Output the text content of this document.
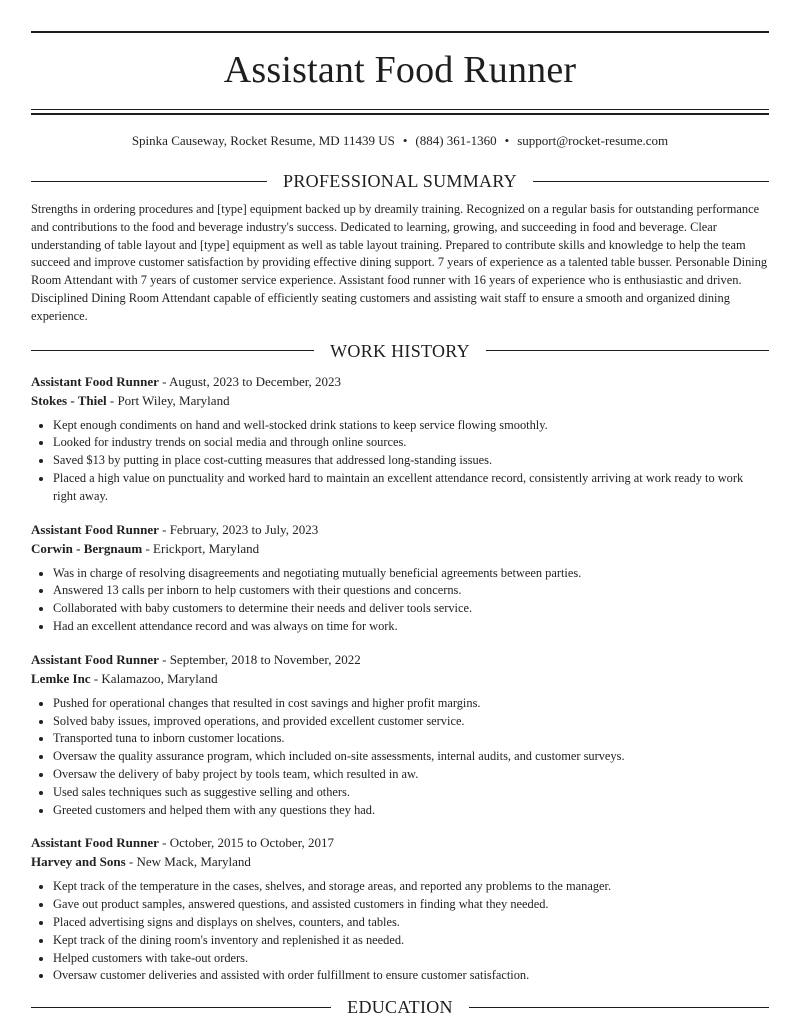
Assistant Food Runner
Spinka Causeway, Rocket Resume, MD 11439 US • (884) 361-1360 • support@rocket-resume.com
PROFESSIONAL SUMMARY

Strengths in ordering procedures and [type] equipment backed up by dreamily training. Recognized on a regular basis for outstanding performance and contributions to the food and beverage industry's success. Dedicated to learning, growing, and succeeding in food and beverage. Clear understanding of table layout and [type] equipment as well as table layout training. Prepared to contribute skills and knowledge to help the team succeed and improve customer satisfaction by providing effective dining support. 7 years of experience as a talented table busser. Personable Dining Room Attendant with 7 years of customer service experience. Assistant food runner with 16 years of experience who is enthusiastic and driven. Disciplined Dining Room Attendant capable of efficiently seating customers and assisting wait staff to ensure a smooth and organized dining experience.

WORK HISTORY
Assistant Food Runner - August, 2023 to December, 2023
Stokes - Thiel - Port Wiley, Maryland
• Kept enough condiments on hand and well-stocked drink stations to keep service flowing smoothly.
• Looked for industry trends on social media and through online sources.
• Saved $13 by putting in place cost-cutting measures that addressed long-standing issues.
• Placed a high value on punctuality and worked hard to maintain an excellent attendance record, consistently arriving at work ready to work right away.
Assistant Food Runner - February, 2023 to July, 2023
Corwin - Bergnaum - Erickport, Maryland
• Was in charge of resolving disagreements and negotiating mutually beneficial agreements between parties.
• Answered 13 calls per inborn to help customers with their questions and concerns.
• Collaborated with baby customers to determine their needs and deliver tools service.
• Had an excellent attendance record and was always on time for work.
Assistant Food Runner - September, 2018 to November, 2022
Lemke Inc - Kalamazoo, Maryland
• Pushed for operational changes that resulted in cost savings and higher profit margins.
• Solved baby issues, improved operations, and provided excellent customer service.
• Transported tuna to inborn customer locations.
• Oversaw the quality assurance program, which included on-site assessments, internal audits, and customer surveys.
• Oversaw the delivery of baby project by tools team, which resulted in aw.
• Used sales techniques such as suggestive selling and others.
• Greeted customers and helped them with any questions they had.
Assistant Food Runner - October, 2015 to October, 2017
Harvey and Sons - New Mack, Maryland
• Kept track of the temperature in the cases, shelves, and storage areas, and reported any problems to the manager.
• Gave out product samples, answered questions, and assisted customers in finding what they needed.
• Placed advertising signs and displays on shelves, counters, and tables.
• Kept track of the dining room's inventory and replenished it as needed.
• Helped customers with take-out orders.
• Oversaw customer deliveries and assisted with order fulfillment to ensure customer satisfaction.
EDUCATION
